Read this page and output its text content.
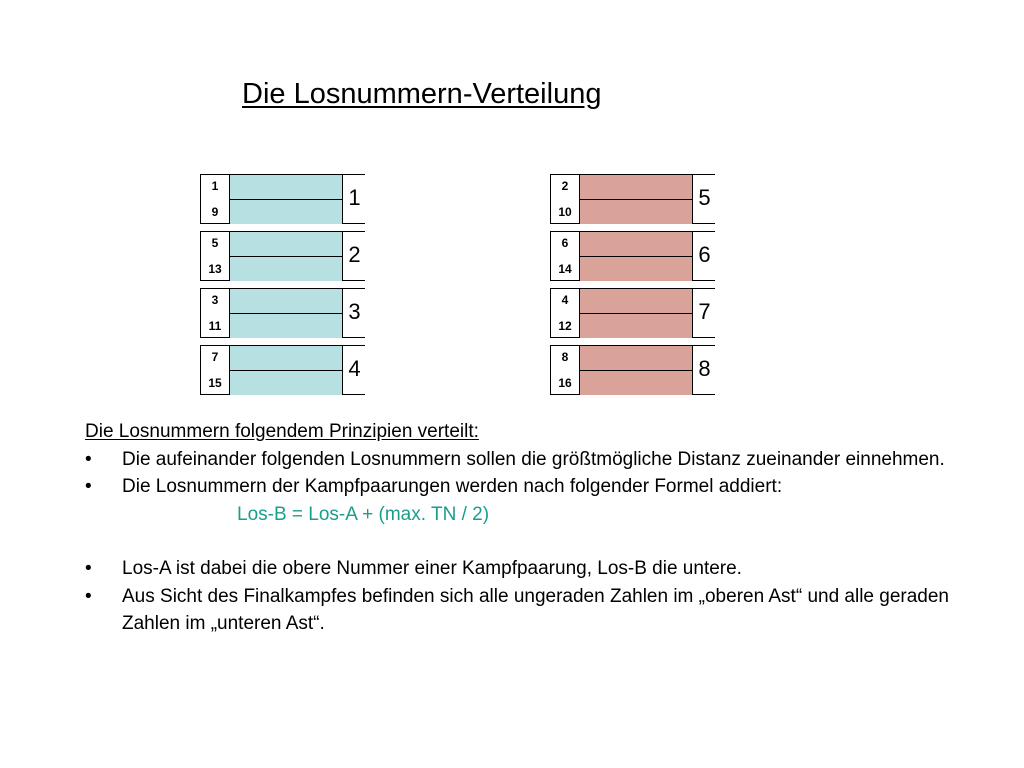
Die Losnummern-Verteilung
1
9
1
5
13
2
3
11
3
7
15
4
2
10
5
6
14
6
4
12
7
8
16
8
Die Losnummern folgendem Prinzipien verteilt:
• Die aufeinander folgenden Losnummern sollen die größtmögliche Distanz zueinander einnehmen.
• Die Losnummern der Kampfpaarungen werden nach folgender Formel addiert:
Los-B = Los-A + (max. TN / 2)
• Los-A ist dabei die obere Nummer einer Kampfpaarung, Los-B die untere.
• Aus Sicht des Finalkampfes befinden sich alle ungeraden Zahlen im „oberen Ast“ und alle geraden Zahlen im „unteren Ast“.
